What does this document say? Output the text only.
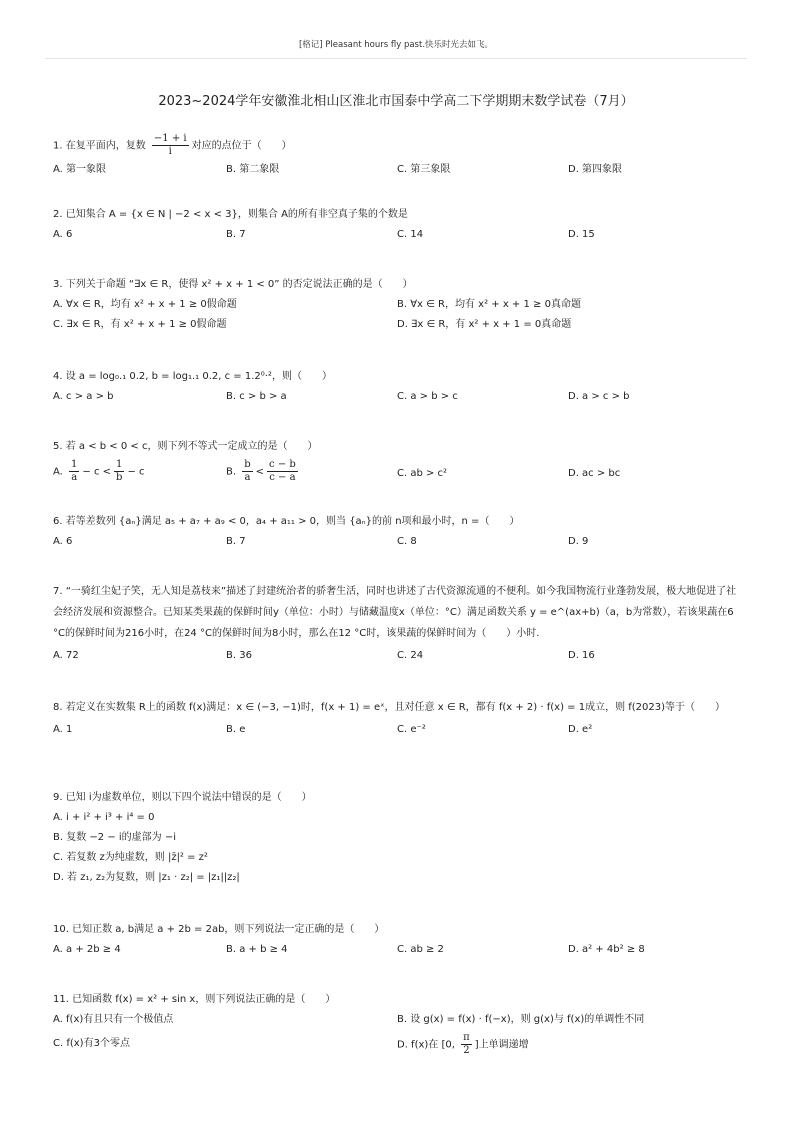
[格记] Pleasant hours fly past.快乐时光去如飞。
2023~2024学年安徽淮北相山区淮北市国泰中学高二下学期期末数学试卷（7月）
1. 在复平面内，复数 $\frac{-1 + i}{i}$ 对应的点位于（　　）
A. 第一象限	B. 第二象限	C. 第三象限	D. 第四象限
2. 已知集合 A = {x ∈ N | −2 < x < 3}，则集合 A的所有非空真子集的个数是
A. 6	B. 7	C. 14	D. 15
3. 下列关于命题 “∃x ∈ R，使得 x² + x + 1 < 0” 的否定说法正确的是（　　）
A. ∀x ∈ R，均有 x² + x + 1 ≥ 0假命题	B. ∀x ∈ R，均有 x² + x + 1 ≥ 0真命题
C. ∃x ∈ R，有 x² + x + 1 ≥ 0假命题	D. ∃x ∈ R，有 x² + x + 1 = 0真命题
4. 设 a = log₀.₁ 0.2, b = log₁.₁ 0.2, c = 1.2⁰·²，则（　　）
A. c > a > b	B. c > b > a	C. a > b > c	D. a > c > b
5. 若 a < b < 0 < c，则下列不等式一定成立的是（　　）
A. $\frac{1}{a} - c < \frac{1}{b} - c$	B. $\frac{b}{a} < \frac{c - b}{c - a}$	C. ab > c²	D. ac > bc
6. 若等差数列 {aₙ}满足 a₅ + a₇ + a₉ < 0，a₄ + a₁₁ > 0，则当 {aₙ}的前 n项和最小时，n =（　　）
A. 6	B. 7	C. 8	D. 9
7. “一骑红尘妃子笑，无人知是荔枝来”描述了封建统治者的骄奢生活，同时也讲述了古代资源流通的不便利。如今我国物流行业蓬勃发展，极大地促进了社会经济发展和资源整合。已知某类果蔬的保鲜时间y（单位：小时）与储藏温度x（单位：°C）满足函数关系 y = e^(ax+b)（a，b为常数），若该果蔬在6 °C的保鲜时间为216小时，在24 °C的保鲜时间为8小时，那么在12 °C时，该果蔬的保鲜时间为（　　）小时.
A. 72	B. 36	C. 24	D. 16
8. 若定义在实数集 R上的函数 f(x)满足：x ∈ (−3, −1)时，f(x + 1) = eˣ，且对任意 x ∈ R，都有 f(x + 2) · f(x) = 1成立，则 f(2023)等于（　　）
A. 1	B. e	C. e⁻²	D. e²
9. 已知 i为虚数单位，则以下四个说法中错误的是（　　）
A. i + i² + i³ + i⁴ = 0
B. 复数 −2 − i的虚部为 −i
C. 若复数 z为纯虚数，则 |z̄|² = z²
D. 若 z₁, z₂为复数，则 |z₁ · z₂| = |z₁||z₂|
10. 已知正数 a, b满足 a + 2b = 2ab，则下列说法一定正确的是（　　）
A. a + 2b ≥ 4	B. a + b ≥ 4	C. ab ≥ 2	D. a² + 4b² ≥ 8
11. 已知函数 f(x) = x² + sin x，则下列说法正确的是（　　）
A. f(x)有且只有一个极值点	B. 设 g(x) = f(x) · f(−x)，则 g(x)与 f(x)的单调性不同
C. f(x)有3个零点	D. f(x)在 [0, $\frac{\pi}{2}$ ]上单调递增
